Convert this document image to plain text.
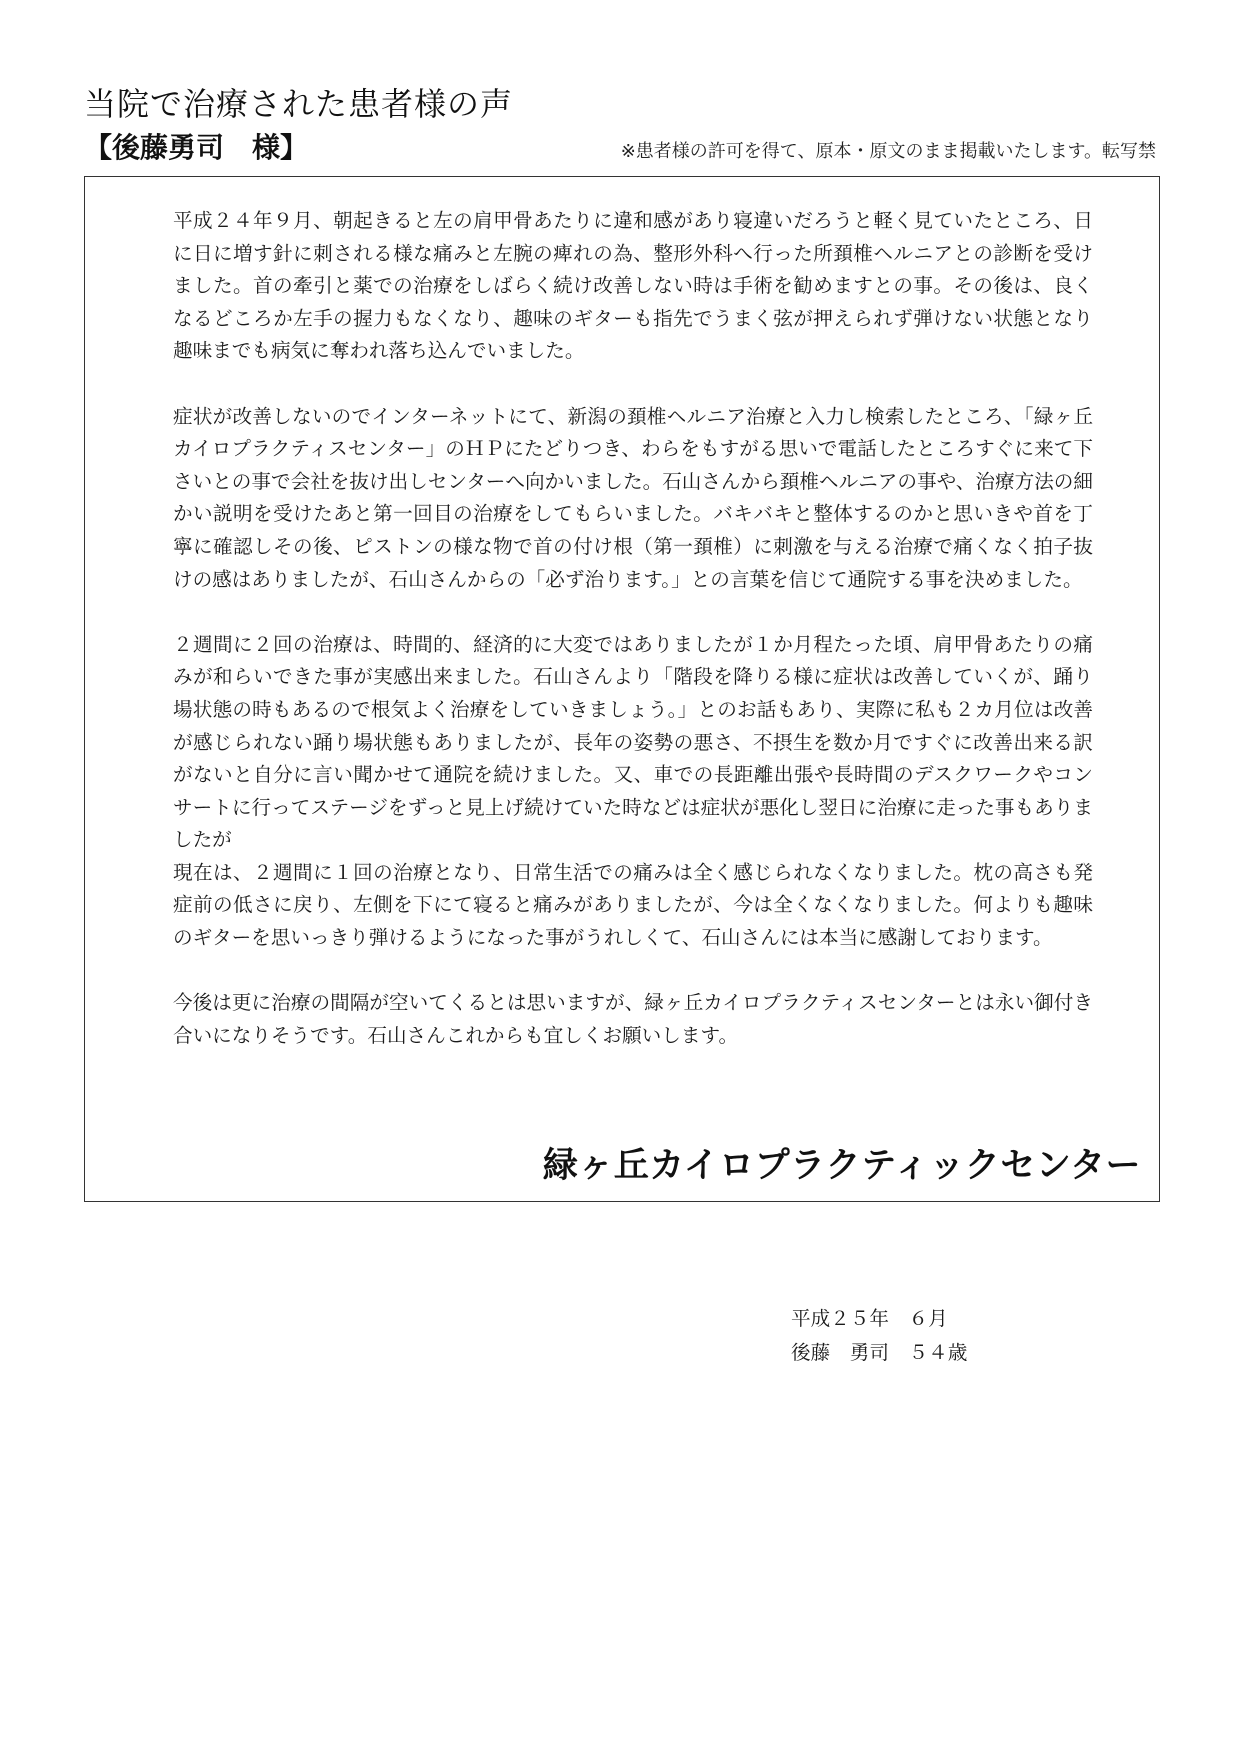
当院で治療された患者様の声
【後藤勇司　様】	※患者様の許可を得て、原本・原文のまま掲載いたします。転写禁

平成２４年９月、朝起きると左の肩甲骨あたりに違和感があり寝違いだろうと軽く見ていたところ、日に日に増す針に刺される様な痛みと左腕の痺れの為、整形外科へ行った所頚椎ヘルニアとの診断を受けました。首の牽引と薬での治療をしばらく続け改善しない時は手術を勧めますとの事。その後は、良くなるどころか左手の握力もなくなり、趣味のギターも指先でうまく弦が押えられず弾けない状態となり趣味までも病気に奪われ落ち込んでいました。

症状が改善しないのでインターネットにて、新潟の頚椎ヘルニア治療と入力し検索したところ、「緑ヶ丘カイロプラクティスセンター」のＨＰにたどりつき、わらをもすがる思いで電話したところすぐに来て下さいとの事で会社を抜け出しセンターへ向かいました。石山さんから頚椎ヘルニアの事や、治療方法の細かい説明を受けたあと第一回目の治療をしてもらいました。バキバキと整体するのかと思いきや首を丁寧に確認しその後、ピストンの様な物で首の付け根（第一頚椎）に刺激を与える治療で痛くなく拍子抜けの感はありましたが、石山さんからの「必ず治ります。」との言葉を信じて通院する事を決めました。

２週間に２回の治療は、時間的、経済的に大変ではありましたが１か月程たった頃、肩甲骨あたりの痛みが和らいできた事が実感出来ました。石山さんより「階段を降りる様に症状は改善していくが、踊り場状態の時もあるので根気よく治療をしていきましょう。」とのお話もあり、実際に私も２カ月位は改善が感じられない踊り場状態もありましたが、長年の姿勢の悪さ、不摂生を数か月ですぐに改善出来る訳がないと自分に言い聞かせて通院を続けました。又、車での長距離出張や長時間のデスクワークやコンサートに行ってステージをずっと見上げ続けていた時などは症状が悪化し翌日に治療に走った事もありましたが

現在は、２週間に１回の治療となり、日常生活での痛みは全く感じられなくなりました。枕の高さも発症前の低さに戻り、左側を下にて寝ると痛みがありましたが、今は全くなくなりました。何よりも趣味のギターを思いっきり弾けるようになった事がうれしくて、石山さんには本当に感謝しております。

今後は更に治療の間隔が空いてくるとは思いますが、緑ヶ丘カイロプラクティスセンターとは永い御付き合いになりそうです。石山さんこれからも宜しくお願いします。

平成２５年　６月
後藤　勇司　５４歳
緑ヶ丘カイロプラクティックセンター
